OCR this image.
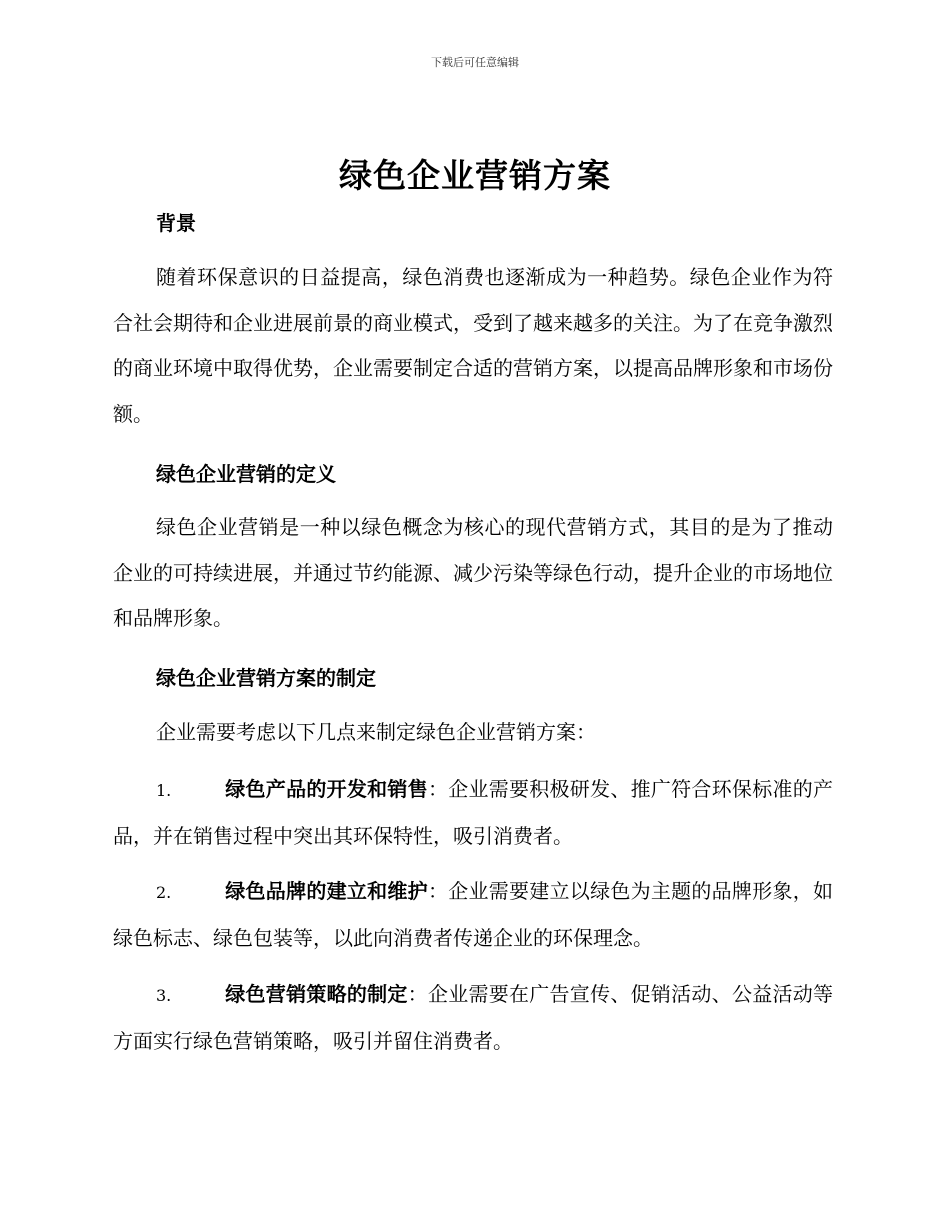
下载后可任意编辑
绿色企业营销方案
背景

随着环保意识的日益提高，绿色消费也逐渐成为一种趋势。绿色企业作为符合社会期待和企业进展前景的商业模式，受到了越来越多的关注。为了在竞争激烈的商业环境中取得优势，企业需要制定合适的营销方案，以提高品牌形象和市场份额。

绿色企业营销的定义

绿色企业营销是一种以绿色概念为核心的现代营销方式，其目的是为了推动企业的可持续进展，并通过节约能源、减少污染等绿色行动，提升企业的市场地位和品牌形象。

绿色企业营销方案的制定

企业需要考虑以下几点来制定绿色企业营销方案：

1.	绿色产品的开发和销售：企业需要积极研发、推广符合环保标准的产品，并在销售过程中突出其环保特性，吸引消费者。

2.	绿色品牌的建立和维护：企业需要建立以绿色为主题的品牌形象，如绿色标志、绿色包装等，以此向消费者传递企业的环保理念。

3.	绿色营销策略的制定：企业需要在广告宣传、促销活动、公益活动等方面实行绿色营销策略，吸引并留住消费者。
